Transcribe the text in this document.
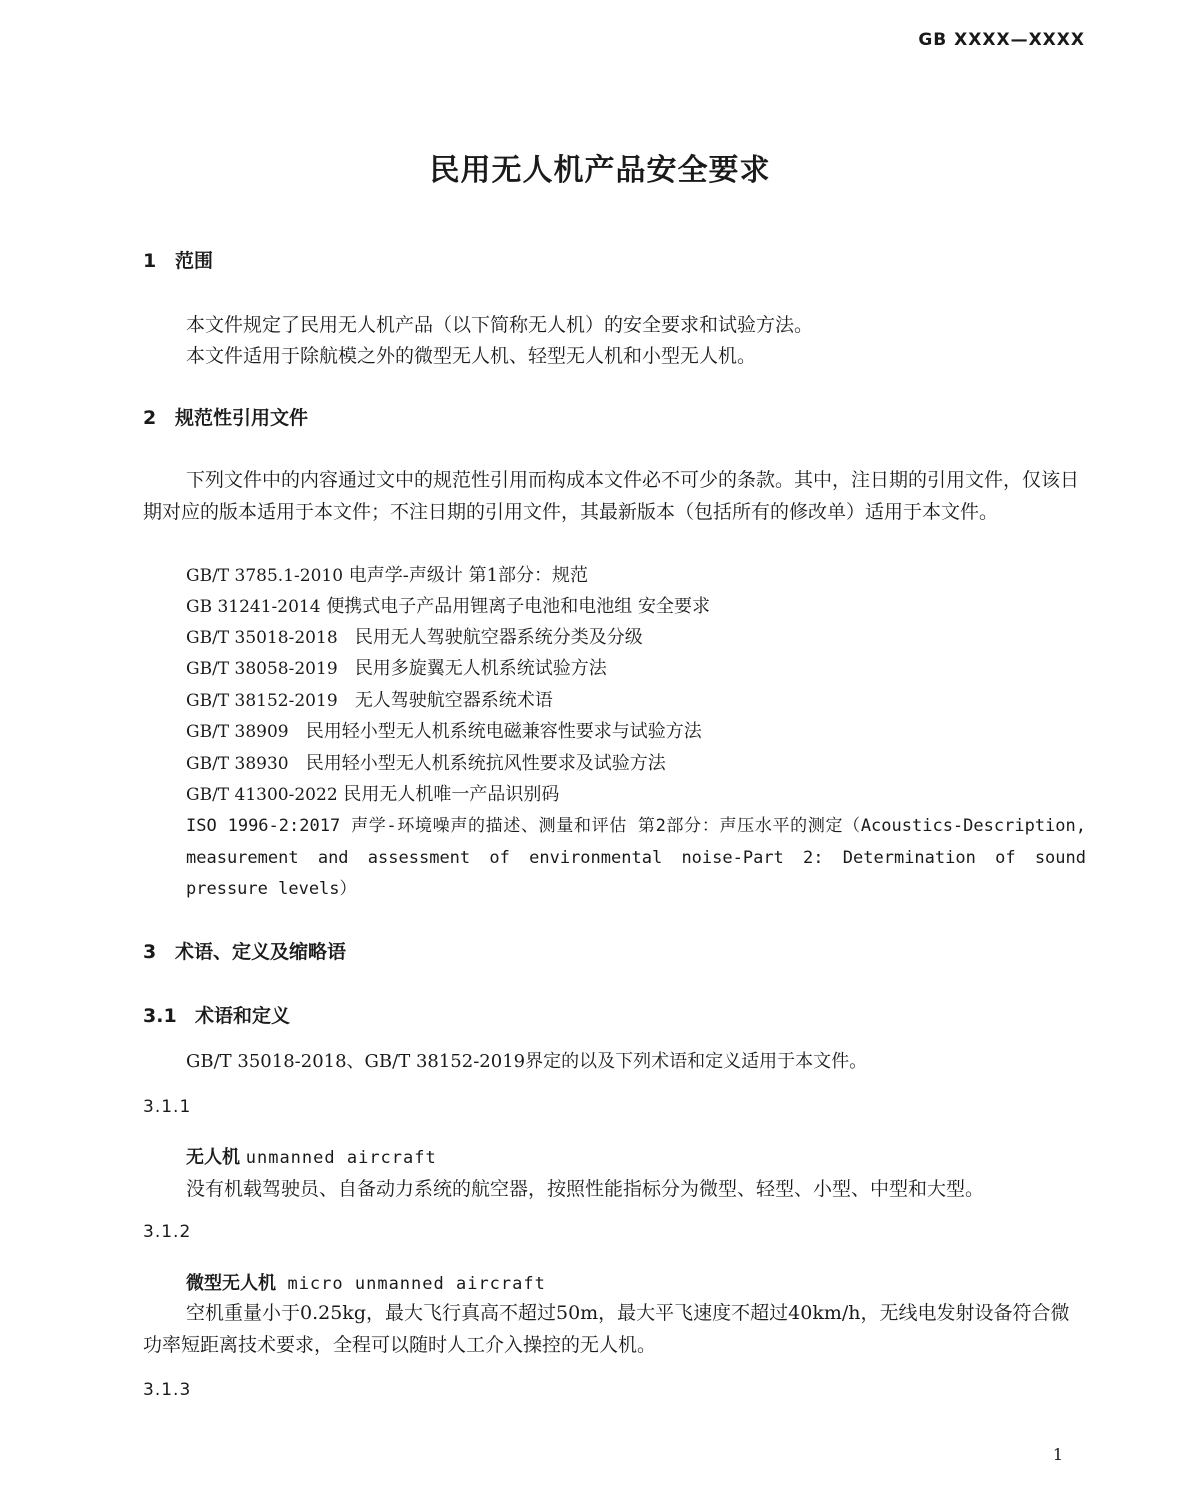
GB XXXX—XXXX
民用无人机产品安全要求
1 范围
本文件规定了民用无人机产品（以下简称无人机）的安全要求和试验方法。
本文件适用于除航模之外的微型无人机、轻型无人机和小型无人机。
2 规范性引用文件
下列文件中的内容通过文中的规范性引用而构成本文件必不可少的条款。其中，注日期的引用文件，仅该日期对应的版本适用于本文件；不注日期的引用文件，其最新版本（包括所有的修改单）适用于本文件。
GB/T 3785.1-2010 电声学-声级计 第1部分：规范
GB 31241-2014 便携式电子产品用锂离子电池和电池组 安全要求
GB/T 35018-2018 民用无人驾驶航空器系统分类及分级
GB/T 38058-2019 民用多旋翼无人机系统试验方法
GB/T 38152-2019 无人驾驶航空器系统术语
GB/T 38909 民用轻小型无人机系统电磁兼容性要求与试验方法
GB/T 38930 民用轻小型无人机系统抗风性要求及试验方法
GB/T 41300-2022 民用无人机唯一产品识别码
ISO 1996-2:2017 声学-环境噪声的描述、测量和评估 第2部分：声压水平的测定（Acoustics-Description, measurement and assessment of environmental noise-Part 2: Determination of sound pressure levels）
3 术语、定义及缩略语
3.1 术语和定义
GB/T 35018-2018、GB/T 38152-2019界定的以及下列术语和定义适用于本文件。
3.1.1
无人机 unmanned aircraft
没有机载驾驶员、自备动力系统的航空器，按照性能指标分为微型、轻型、小型、中型和大型。
3.1.2
微型无人机 micro unmanned aircraft
空机重量小于0.25kg，最大飞行真高不超过50m，最大平飞速度不超过40km/h，无线电发射设备符合微功率短距离技术要求，全程可以随时人工介入操控的无人机。
3.1.3
1
